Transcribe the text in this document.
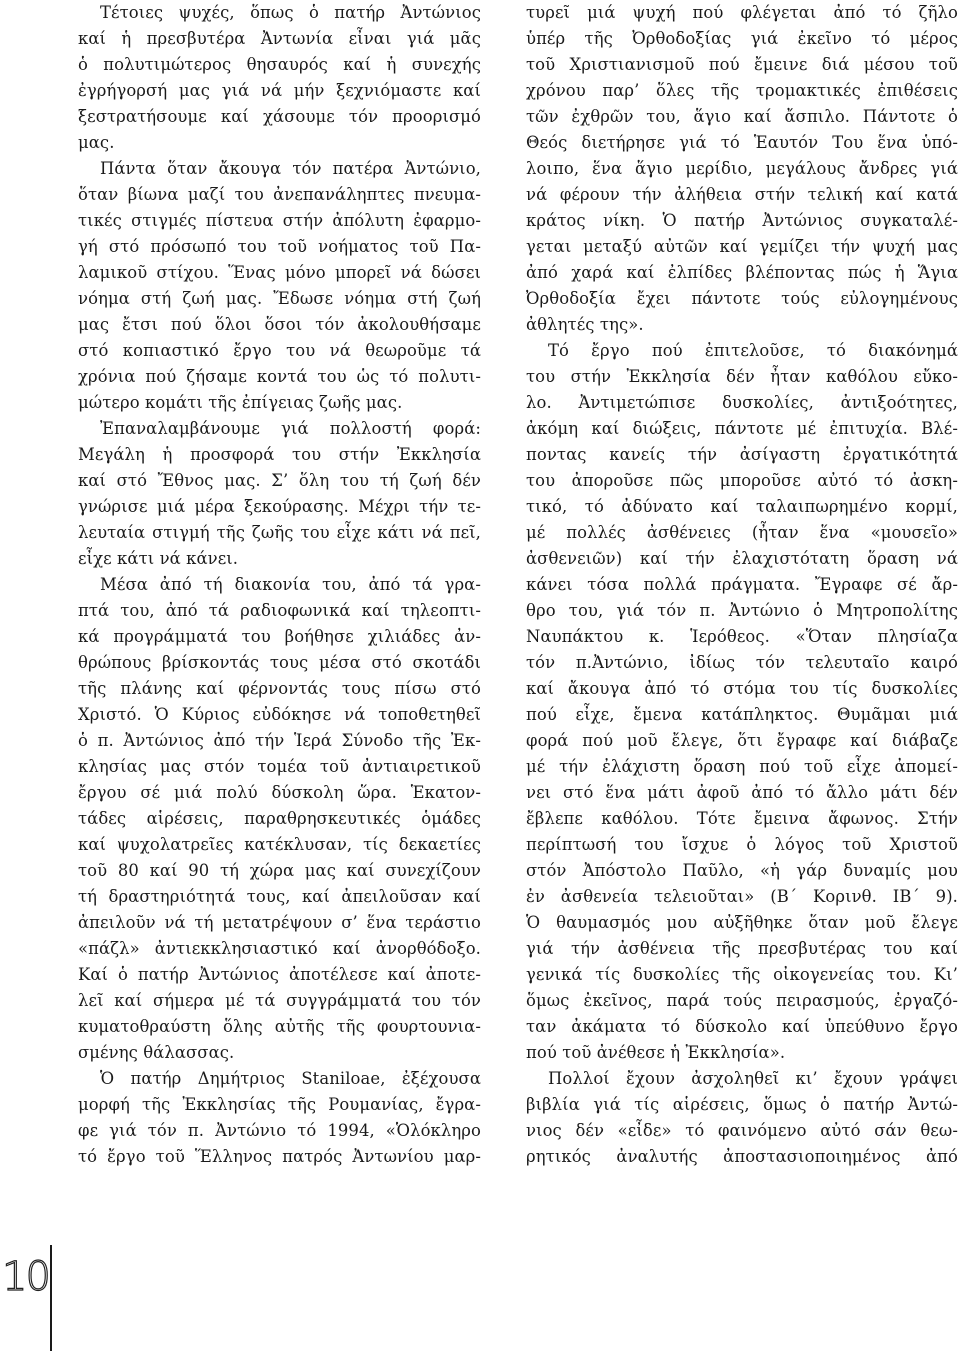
Τέτοιες ψυχές, ὅπως ὁ πατήρ Ἀντώνιος
καί ἡ πρεσβυτέρα Ἀντωνία εἶναι γιά μᾶς
ὁ πολυτιμώτερος θησαυρός καί ἡ συνεχής
ἐγρήγορσή μας γιά νά μήν ξεχνιόμαστε καί
ξεστρατήσουμε καί χάσουμε τόν προορισμό
μας.
Πάντα ὅταν ἄκουγα τόν πατέρα Ἀντώνιο,
ὅταν βίωνα μαζί του ἀνεπανάληπτες πνευμα-
τικές στιγμές πίστευα στήν ἀπόλυτη ἐφαρμο-
γή στό πρόσωπό του τοῦ νοήματος τοῦ Πα-
λαμικοῦ στίχου. Ἕνας μόνο μπορεῖ νά δώσει
νόημα στή ζωή μας. Ἔδωσε νόημα στή ζωή
μας ἔτσι πού ὅλοι ὅσοι τόν ἀκολουθήσαμε
στό κοπιαστικό ἔργο του νά θεωροῦμε τά
χρόνια πού ζήσαμε κοντά του ὡς τό πολυτι-
μώτερο κομάτι τῆς ἐπίγειας ζωῆς μας.
Ἐπαναλαμβάνουμε γιά πολλοστή φορά:
Μεγάλη ἡ προσφορά του στήν Ἐκκλησία
καί στό Ἔθνος μας. Σ’ ὅλη του τή ζωή δέν
γνώρισε μιά μέρα ξεκούρασης. Μέχρι τήν τε-
λευταία στιγμή τῆς ζωῆς του εἶχε κάτι νά πεῖ,
εἶχε κάτι νά κάνει.
Μέσα ἀπό τή διακονία του, ἀπό τά γρα-
πτά του, ἀπό τά ραδιοφωνικά καί τηλεοπτι-
κά προγράμματά του βοήθησε χιλιάδες ἀν-
θρώπους βρίσκοντάς τους μέσα στό σκοτάδι
τῆς πλάνης καί φέρνοντάς τους πίσω στό
Χριστό. Ὁ Κύριος εὐδόκησε νά τοποθετηθεῖ
ὁ π. Ἀντώνιος ἀπό τήν Ἱερά Σύνοδο τῆς Ἐκ-
κλησίας μας στόν τομέα τοῦ ἀντιαιρετικοῦ
ἔργου σέ μιά πολύ δύσκολη ὥρα. Ἑκατον-
τάδες αἱρέσεις, παραθρησκευτικές ὁμάδες
καί ψυχολατρεῖες κατέκλυσαν, τίς δεκαετίες
τοῦ 80 καί 90 τή χώρα μας καί συνεχίζουν
τή δραστηριότητά τους, καί ἀπειλοῦσαν καί
ἀπειλοῦν νά τή μετατρέψουν σ’ ἕνα τεράστιο
«πάζλ» ἀντιεκκλησιαστικό καί ἀνορθόδοξο.
Καί ὁ πατήρ Ἀντώνιος ἀποτέλεσε καί ἀποτε-
λεῖ καί σήμερα μέ τά συγγράμματά του τόν
κυματοθραύστη ὅλης αὐτῆς τῆς φουρτουνια-
σμένης θάλασσας.
Ὁ πατήρ Δημήτριος Staniloae, ἐξέχουσα
μορφή τῆς Ἐκκλησίας τῆς Ρουμανίας, ἔγρα-
φε γιά τόν π. Ἀντώνιο τό 1994, «Ὁλόκληρο
τό ἔργο τοῦ Ἕλληνος πατρός Ἀντωνίου μαρ-
τυρεῖ μιά ψυχή πού φλέγεται ἀπό τό ζῆλο
ὑπέρ τῆς Ὀρθοδοξίας γιά ἐκεῖνο τό μέρος
τοῦ Χριστιανισμοῦ πού ἔμεινε διά μέσου τοῦ
χρόνου παρ’ ὅλες τῆς τρομακτικές ἐπιθέσεις
τῶν ἐχθρῶν του, ἅγιο καί ἄσπιλο. Πάντοτε ὁ
Θεός διετήρησε γιά τό Ἑαυτόν Του ἕνα ὑπό-
λοιπο, ἕνα ἅγιο μερίδιο, μεγάλους ἄνδρες γιά
νά φέρουν τήν ἀλήθεια στήν τελική καί κατά
κράτος νίκη. Ὁ πατήρ Ἀντώνιος συγκαταλέ-
γεται μεταξύ αὐτῶν καί γεμίζει τήν ψυχή μας
ἀπό χαρά καί ἐλπίδες βλέποντας πώς ἡ Ἅγια
Ὀρθοδοξία ἔχει πάντοτε τούς εὐλογημένους
ἀθλητές της».
Τό ἔργο πού ἐπιτελοῦσε, τό διακόνημά
του στήν Ἐκκλησία δέν ἦταν καθόλου εὔκο-
λο. Ἀντιμετώπισε δυσκολίες, ἀντιξοότητες,
ἀκόμη καί διώξεις, πάντοτε μέ ἐπιτυχία. Βλέ-
ποντας κανείς τήν ἀσίγαστη ἐργατικότητά
του ἀποροῦσε πῶς μποροῦσε αὐτό τό ἀσκη-
τικό, τό ἀδύνατο καί ταλαιπωρημένο κορμί,
μέ πολλές ἀσθένειες (ἦταν ἕνα «μουσεῖο»
ἀσθενειῶν) καί τήν ἐλαχιστότατη ὅραση νά
κάνει τόσα πολλά πράγματα. Ἔγραφε σέ ἄρ-
θρο του, γιά τόν π. Ἀντώνιο ὁ Μητροπολίτης
Ναυπάκτου κ. Ἱερόθεος. «Ὅταν πλησίαζα
τόν π.Ἀντώνιο, ἰδίως τόν τελευταῖο καιρό
καί ἄκουγα ἀπό τό στόμα του τίς δυσκολίες
πού εἶχε, ἔμενα κατάπληκτος. Θυμᾶμαι μιά
φορά πού μοῦ ἔλεγε, ὅτι ἔγραφε καί διάβαζε
μέ τήν ἐλάχιστη ὅραση πού τοῦ εἶχε ἀπομεί-
νει στό ἕνα μάτι ἀφοῦ ἀπό τό ἄλλο μάτι δέν
ἔβλεπε καθόλου. Τότε ἔμεινα ἄφωνος. Στήν
περίπτωσή του ἴσχυε ὁ λόγος τοῦ Χριστοῦ
στόν Ἀπόστολο Παῦλο, «ἡ γάρ δυναμίς μου
ἐν ἀσθενεία τελειοῦται» (Β΄ Κορινθ. ΙΒ΄ 9).
Ὁ θαυμασμός μου αὐξῆθηκε ὅταν μοῦ ἔλεγε
γιά τήν ἀσθένεια τῆς πρεσβυτέρας του καί
γενικά τίς δυσκολίες τῆς οἰκογενείας του. Κι’
ὅμως ἐκεῖνος, παρά τούς πειρασμούς, ἐργαζό-
ταν ἀκάματα τό δύσκολο καί ὑπεύθυνο ἔργο
πού τοῦ ἀνέθεσε ἡ Ἐκκλησία».
Πολλοί ἔχουν ἀσχοληθεῖ κι’ ἔχουν γράψει
βιβλία γιά τίς αἱρέσεις, ὅμως ὁ πατήρ Ἀντώ-
νιος δέν «εἶδε» τό φαινόμενο αὐτό σάν θεω-
ρητικός ἀναλυτής ἀποστασιοποιημένος ἀπό
10
